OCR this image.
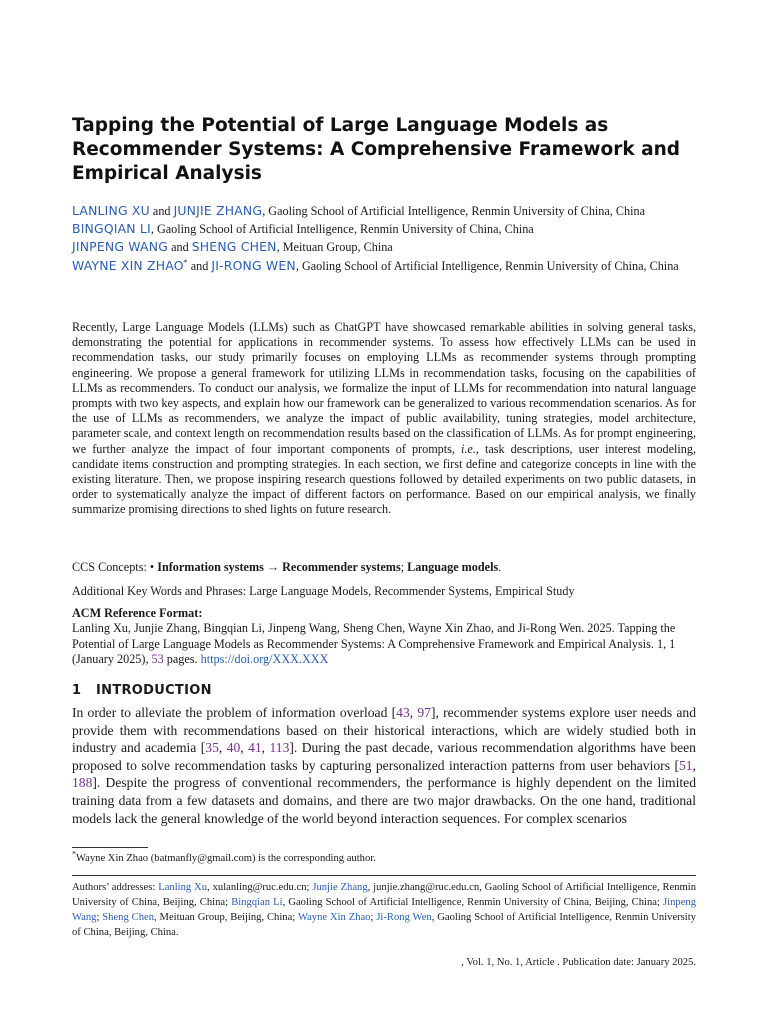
Tapping the Potential of Large Language Models as Recommender Systems: A Comprehensive Framework and Empirical Analysis

LANLING XU and JUNJIE ZHANG, Gaoling School of Artificial Intelligence, Renmin University of China, China

BINGQIAN LI, Gaoling School of Artificial Intelligence, Renmin University of China, China

JINPENG WANG and SHENG CHEN, Meituan Group, China

WAYNE XIN ZHAO* and JI-RONG WEN, Gaoling School of Artificial Intelligence, Renmin University of China, China

Recently, Large Language Models (LLMs) such as ChatGPT have showcased remarkable abilities in solving general tasks, demonstrating the potential for applications in recommender systems. To assess how effectively LLMs can be used in recommendation tasks, our study primarily focuses on employing LLMs as recommender systems through prompting engineering. We propose a general framework for utilizing LLMs in recommendation tasks, focusing on the capabilities of LLMs as recommenders. To conduct our analysis, we formalize the input of LLMs for recommendation into natural language prompts with two key aspects, and explain how our framework can be generalized to various recommendation scenarios. As for the use of LLMs as recommenders, we analyze the impact of public availability, tuning strategies, model architecture, parameter scale, and context length on recommendation results based on the classification of LLMs. As for prompt engineering, we further analyze the impact of four important components of prompts, i.e., task descriptions, user interest modeling, candidate items construction and prompting strategies. In each section, we first define and categorize concepts in line with the existing literature. Then, we propose inspiring research questions followed by detailed experiments on two public datasets, in order to systematically analyze the impact of different factors on performance. Based on our empirical analysis, we finally summarize promising directions to shed lights on future research.

CCS Concepts: • Information systems → Recommender systems; Language models.

Additional Key Words and Phrases: Large Language Models, Recommender Systems, Empirical Study

ACM Reference Format:
Lanling Xu, Junjie Zhang, Bingqian Li, Jinpeng Wang, Sheng Chen, Wayne Xin Zhao, and Ji-Rong Wen. 2025. Tapping the Potential of Large Language Models as Recommender Systems: A Comprehensive Framework and Empirical Analysis. 1, 1 (January 2025), 53 pages. https://doi.org/XXX.XXX
1 INTRODUCTION

In order to alleviate the problem of information overload [43, 97], recommender systems explore user needs and provide them with recommendations based on their historical interactions, which are widely studied both in industry and academia [35, 40, 41, 113]. During the past decade, various recommendation algorithms have been proposed to solve recommendation tasks by capturing personalized interaction patterns from user behaviors [51, 188]. Despite the progress of conventional recommenders, the performance is highly dependent on the limited training data from a few datasets and domains, and there are two major drawbacks. On the one hand, traditional models lack the general knowledge of the world beyond interaction sequences. For complex scenarios

*Wayne Xin Zhao (batmanfly@gmail.com) is the corresponding author.

Authors’ addresses: Lanling Xu, xulanling@ruc.edu.cn; Junjie Zhang, junjie.zhang@ruc.edu.cn, Gaoling School of Artificial Intelligence, Renmin University of China, Beijing, China; Bingqian Li, Gaoling School of Artificial Intelligence, Renmin University of China, Beijing, China; Jinpeng Wang; Sheng Chen, Meituan Group, Beijing, China; Wayne Xin Zhao; Ji-Rong Wen, Gaoling School of Artificial Intelligence, Renmin University of China, Beijing, China.

, Vol. 1, No. 1, Article . Publication date: January 2025.
